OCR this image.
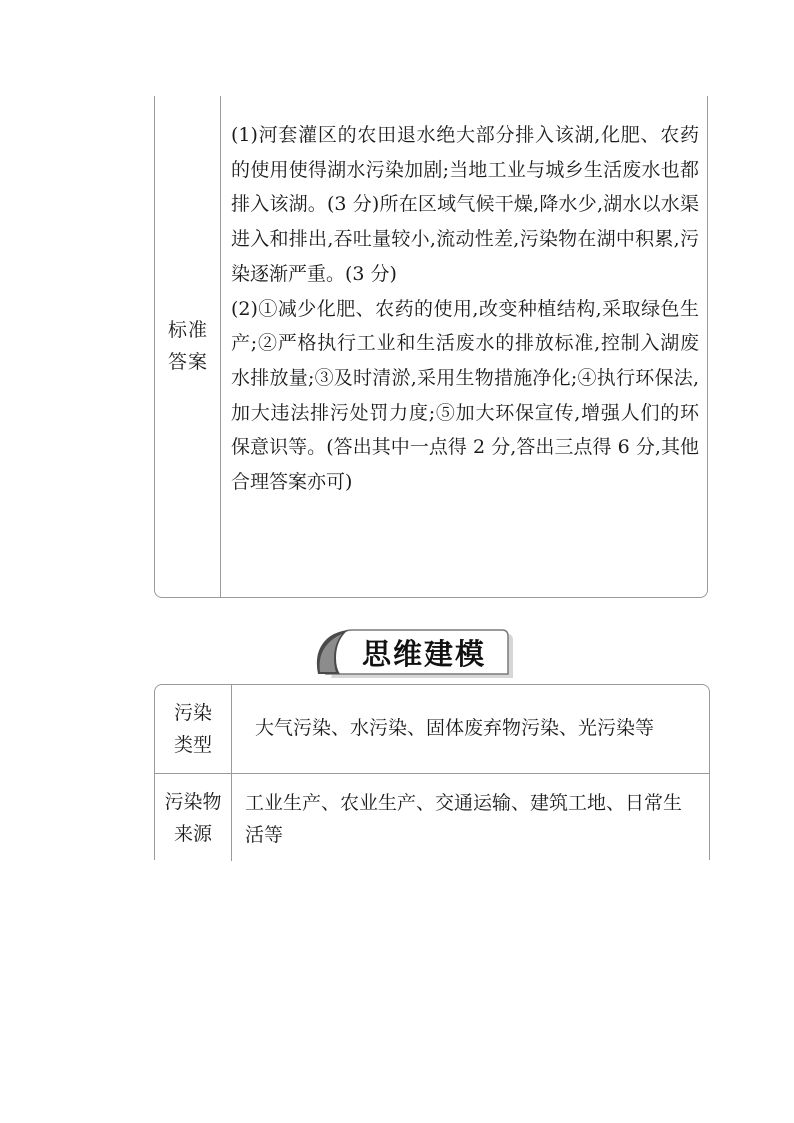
标准
答案

(1)河套灌区的农田退水绝大部分排入该湖,化肥、农药的使用使得湖水污染加剧;当地工业与城乡生活废水也都排入该湖。(3 分)所在区域气候干燥,降水少,湖水以水渠进入和排出,吞吐量较小,流动性差,污染物在湖中积累,污染逐渐严重。(3 分)

(2)①减少化肥、农药的使用,改变种植结构,采取绿色生产;②严格执行工业和生活废水的排放标准,控制入湖废水排放量;③及时清淤,采用生物措施净化;④执行环保法,加大违法排污处罚力度;⑤加大环保宣传,增强人们的环保意识等。(答出其中一点得 2 分,答出三点得 6 分,其他合理答案亦可)

思维建模
污染
类型
大气污染、水污染、固体废弃物污染、光污染等
污染物
来源
工业生产、农业生产、交通运输、建筑工地、日常生活等
